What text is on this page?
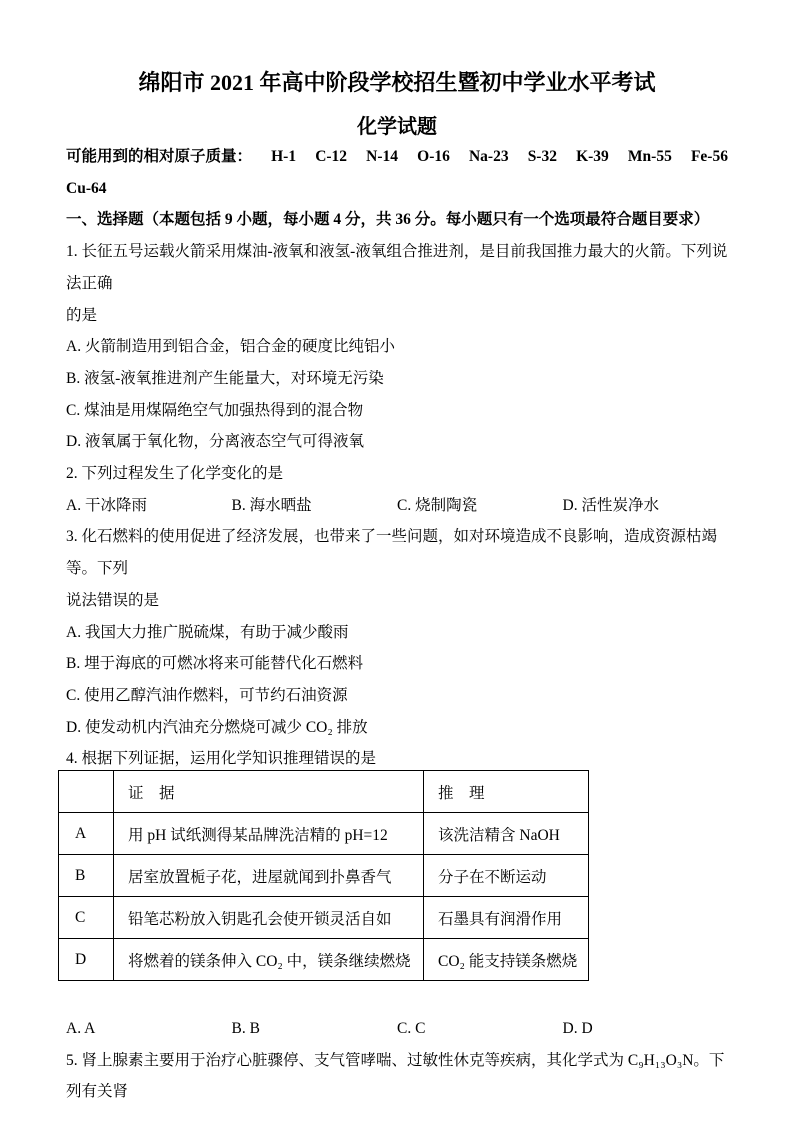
绵阳市 2021 年高中阶段学校招生暨初中学业水平考试
化学试题
可能用到的相对原子质量： H-1 C-12 N-14 O-16 Na-23 S-32 K-39 Mn-55 Fe-56
Cu-64
一、选择题（本题包括 9 小题，每小题 4 分，共 36 分。每小题只有一个选项最符合题目要求）

1. 长征五号运载火箭采用煤油-液氧和液氢-液氧组合推进剂，是目前我国推力最大的火箭。下列说法正确

的是

A. 火箭制造用到铝合金，铝合金的硬度比纯铝小

B. 液氢-液氧推进剂产生能量大，对环境无污染

C. 煤油是用煤隔绝空气加强热得到的混合物

D. 液氧属于氧化物，分离液态空气可得液氧

2. 下列过程发生了化学变化的是

A. 干冰降雨	B. 海水晒盐	C. 烧制陶瓷	D. 活性炭净水

3. 化石燃料的使用促进了经济发展，也带来了一些问题，如对环境造成不良影响，造成资源枯竭等。下列

说法错误的是

A. 我国大力推广脱硫煤，有助于减少酸雨

B. 埋于海底的可燃冰将来可能替代化石燃料

C. 使用乙醇汽油作燃料，可节约石油资源

D. 使发动机内汽油充分燃烧可减少 CO₂ 排放

4. 根据下列证据，运用化学知识推理错误的是

	证　据	推　理
A	用 pH 试纸测得某品牌洗洁精的 pH=12	该洗洁精含 NaOH
B	居室放置栀子花，进屋就闻到扑鼻香气	分子在不断运动
C	铅笔芯粉放入钥匙孔会使开锁灵活自如	石墨具有润滑作用
D	将燃着的镁条伸入 CO₂ 中，镁条继续燃烧	CO₂ 能支持镁条燃烧
A. A	B. B	C. C	D. D

5. 肾上腺素主要用于治疗心脏骤停、支气管哮喘、过敏性休克等疾病，其化学式为 C₉H₁₃O₃N。下列有关肾
